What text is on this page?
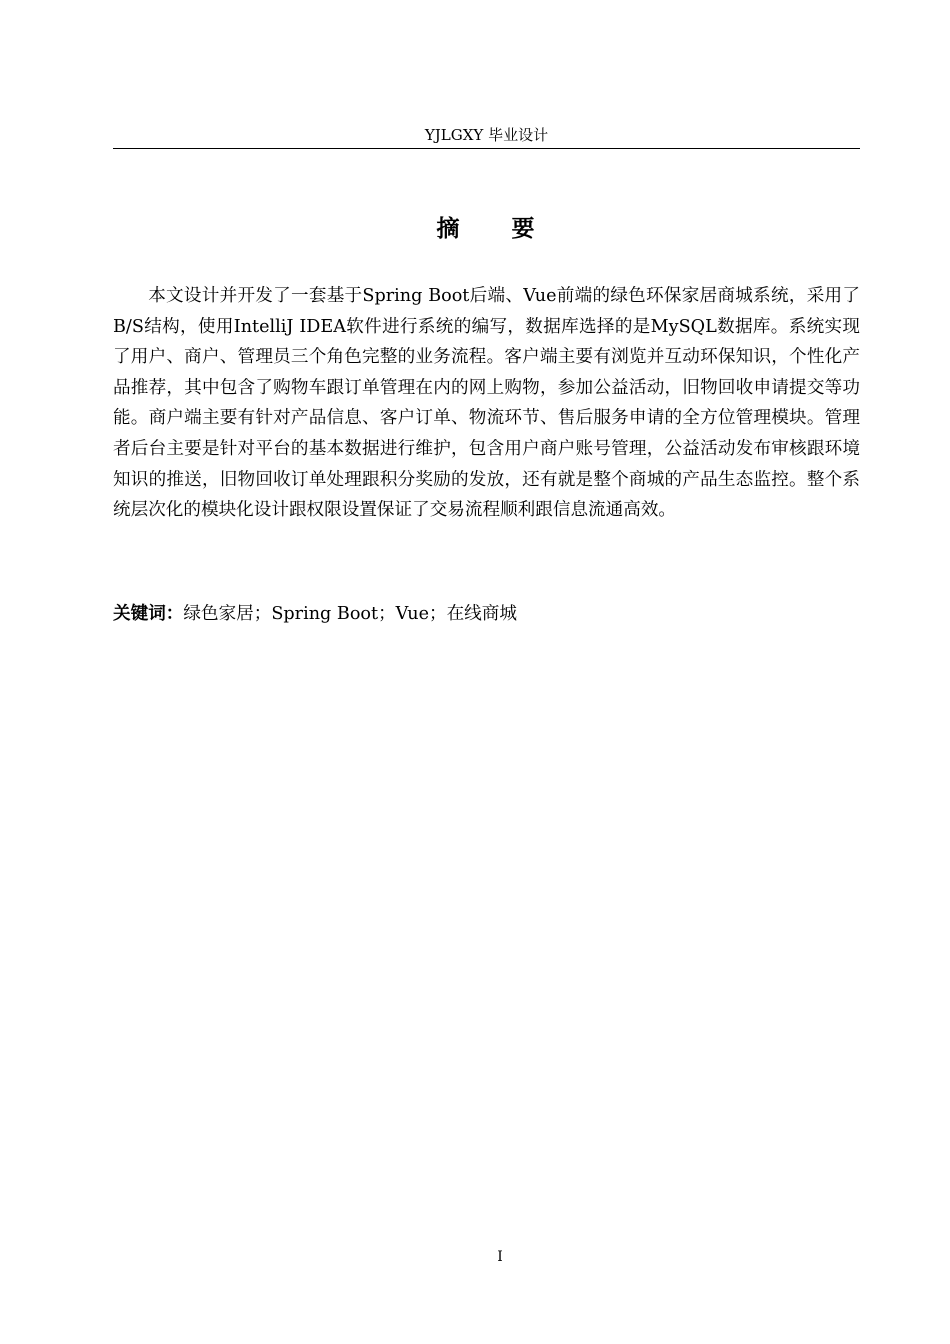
YJLGXY 毕业设计
摘　　要

本文设计并开发了一套基于Spring Boot后端、Vue前端的绿色环保家居商城系统，采用了B/S结构，使用IntelliJ IDEA软件进行系统的编写，数据库选择的是MySQL数据库。系统实现了用户、商户、管理员三个角色完整的业务流程。客户端主要有浏览并互动环保知识，个性化产品推荐，其中包含了购物车跟订单管理在内的网上购物，参加公益活动，旧物回收申请提交等功能。商户端主要有针对产品信息、客户订单、物流环节、售后服务申请的全方位管理模块。管理者后台主要是针对平台的基本数据进行维护，包含用户商户账号管理，公益活动发布审核跟环境知识的推送，旧物回收订单处理跟积分奖励的发放，还有就是整个商城的产品生态监控。整个系统层次化的模块化设计跟权限设置保证了交易流程顺利跟信息流通高效。

关键词：绿色家居；Spring Boot；Vue；在线商城
I
